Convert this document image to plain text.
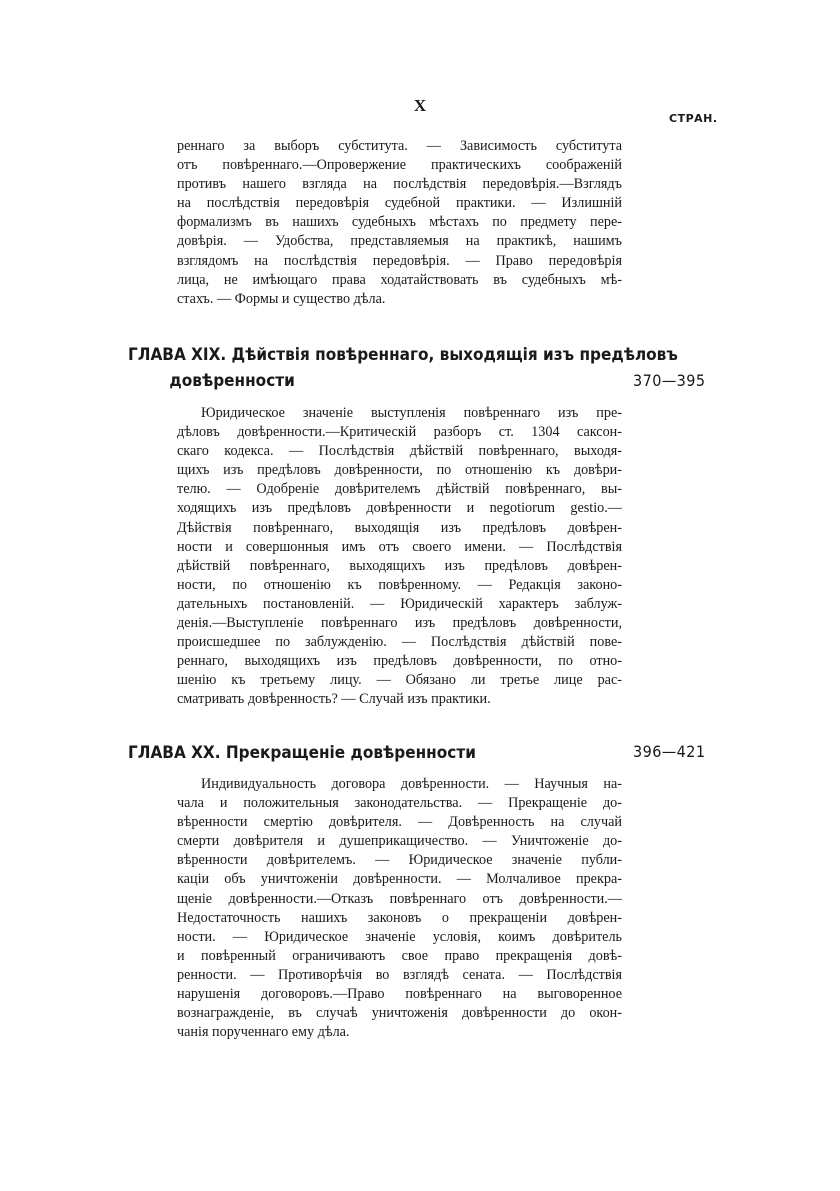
X
СТРАН.
реннаго за выборъ субститута. — Зависимость субститута
отъ повѣреннаго.—Опровержение практическихъ соображеній
противъ нашего взгляда на послѣдствія передовѣрія.—Взглядъ
на послѣдствія передовѣрія судебной практики. — Излишній
формализмъ въ нашихъ судебныхъ мѣстахъ по предмету пере-
довѣрія. — Удобства, представляемыя на практикѣ, нашимъ
взглядомъ на послѣдствія передовѣрія. — Право передовѣрія
лица, не имѣющаго права ходатайствовать въ судебныхъ мѣ-
стахъ. — Формы и существо дѣла.
ГЛАВА XIX. Дѣйствія повѣреннаго, выходящія изъ предѣловъ
довѣренности	370—395
Юридическое значеніе выступленія повѣреннаго изъ пре-
дѣловъ довѣренности.—Критическій разборъ ст. 1304 саксон-
скаго кодекса. — Послѣдствія дѣйствій повѣреннаго, выходя-
щихъ изъ предѣловъ довѣренности, по отношенію къ довѣри-
телю. — Одобреніе довѣрителемъ дѣйствій повѣреннаго, вы-
ходящихъ изъ предѣловъ довѣренности и negotiorum gestio.—
Дѣйствія повѣреннаго, выходящія изъ предѣловъ довѣрен-
ности и совершонныя имъ отъ своего имени. — Послѣдствія
дѣйствій повѣреннаго, выходящихъ изъ предѣловъ довѣрен-
ности, по отношенію къ повѣренному. — Редакція законо-
дательныхъ постановленій. — Юридическій характеръ заблуж-
денія.—Выступленіе повѣреннаго изъ предѣловъ довѣренности,
происшедшее по заблужденію. — Послѣдствія дѣйствій пове-
реннаго, выходящихъ изъ предѣловъ довѣренности, по отно-
шенію къ третьему лицу. — Обязано ли третье лице рас-
сматривать довѣренность? — Случай изъ практики.
ГЛАВА XX. Прекращеніе довѣренности	396—421
Индивидуальность договора довѣренности. — Научныя на-
чала и положительныя законодательства. — Прекращеніе до-
вѣренности смертію довѣрителя. — Довѣренность на случай
смерти довѣрителя и душеприкащичество. — Уничтоженіе до-
вѣренности довѣрителемъ. — Юридическое значеніе публи-
каціи объ уничтоженіи довѣренности. — Молчаливое прекра-
щеніе довѣренности.—Отказъ повѣреннаго отъ довѣренности.—
Недостаточность нашихъ законовъ о прекращеніи довѣрен-
ности. — Юридическое значеніе условія, коимъ довѣритель
и повѣренный ограничиваютъ свое право прекращенія довѣ-
ренности. — Противорѣчія во взглядѣ сената. — Послѣдствія
нарушенія договоровъ.—Право повѣреннаго на выговоренное
вознагражденіе, въ случаѣ уничтоженія довѣренности до окон-
чанія порученнаго ему дѣла.
